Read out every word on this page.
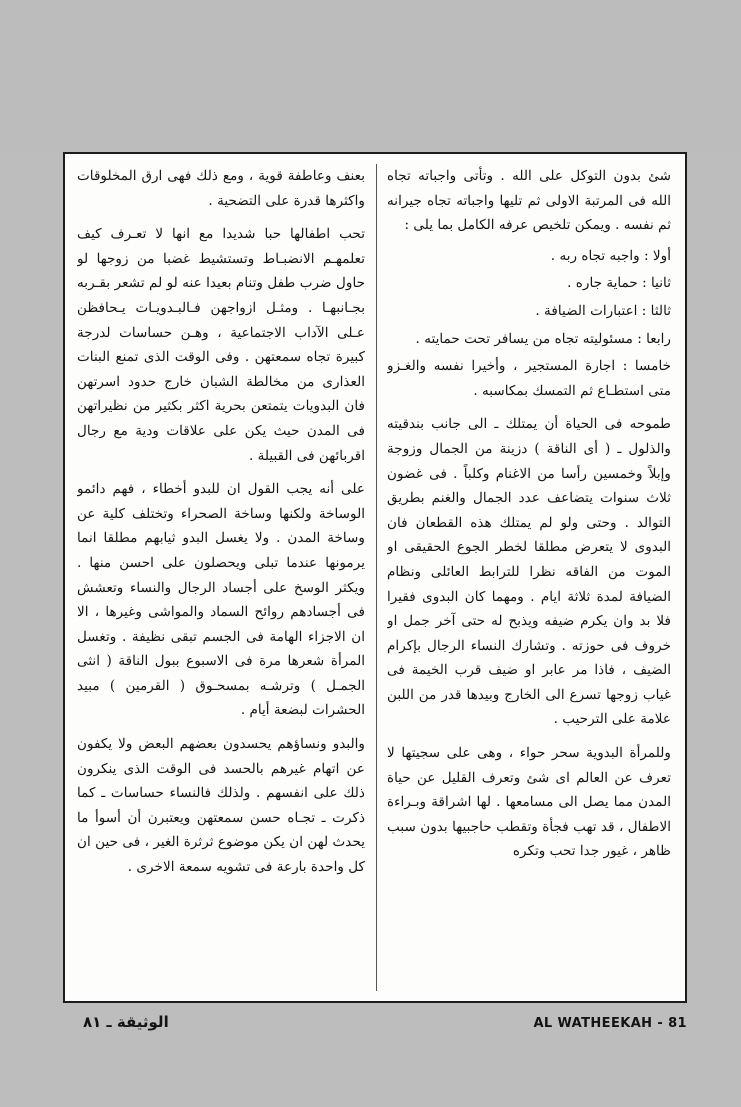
شئ بدون التوكل على الله . وتأتى واجباته تجاه الله فى المرتبة الاولى ثم تليها واجباته تجاه جيرانه ثم نفسه . ويمكن تلخيص عرفه الكامل بما يلى :

أولا : واجبه تجاه ربه .

ثانيا : حماية جاره .

ثالثا : اعتبارات الضيافة .

رابعا : مسئوليته تجاه من يسافر تحت حمايته .

خامسا : اجارة المستجير ، وأخيرا نفسه والغـزو متى استطـاع ثم التمسك بمكاسبه .

طموحه فى الحياة أن يمتلك ـ الى جانب بندقيته والذلول ـ ( أى الناقة ) دزينة من الجمال وزوجة وإبلاً وخمسين رأسا من الاغنام وكلباً . فى غضون ثلاث سنوات يتضاعف عدد الجمال والغنم بطريق التوالد . وحتى ولو لم يمتلك هذه القطعان فان البدوى لا يتعرض مطلقا لخطر الجوع الحقيقى او الموت من الفاقه نظرا للترابط العائلى ونظام الضيافة لمدة ثلاثة ايام . ومهما كان البدوى فقيرا فلا بد وان يكرم ضيفه ويذبح له حتى آخر جمل او خروف فى حوزته . وتشارك النساء الرجال بإكرام الضيف ، فاذا مر عابر او ضيف قرب الخيمة فى غياب زوجها تسرع الى الخارج وبيدها قدر من اللبن علامة على الترحيب .

وللمرأة البدوية سحر حواء ، وهى على سجيتها لا تعرف عن العالم اى شئ وتعرف القليل عن حياة المدن مما يصل الى مسامعها . لها اشراقة وبـراءة الاطفال ، قد تهب فجأة وتقطب حاجبيها بدون سبب ظاهر ، غيور جدا تحب وتكره

بعنف وعاطفة قوية ، ومع ذلك فهى ارق المخلوقات واكثرها قدرة على التضحية .

تحب اطفالها حبا شديدا مع انها لا تعـرف كيف تعلمهـم الانضبـاط وتستشيط غضبا من زوجها لو حاول ضرب طفل وتنام بعيدا عنه لو لم تشعر بقـربه بجـانبهـا . ومثـل ازواجهن فـالبـدويـات يـحافظن عـلى الآداب الاجتماعية ، وهـن حساسات لدرجة كبيرة تجاه سمعتهن . وفى الوقت الذى تمنع البنات العذارى من مخالطة الشبان خارج حدود اسرتهن فان البدويات يتمتعن بحرية اكثر بكثير من نظيراتهن فى المدن حيث يكن على علاقات ودية مع رجال اقربائهن فى القبيلة .

على أنه يجب القول ان للبدو أخطاء ، فهم دائمو الوساخة ولكنها وساخة الصحراء وتختلف كلية عن وساخة المدن . ولا يغسل البدو ثيابهم مطلقا انما يرمونها عندما تبلى ويحصلون على احسن منها . ويكثر الوسخ على أجساد الرجال والنساء وتعشش فى أجسادهم روائح السماد والمواشى وغيرها ، الا ان الاجزاء الهامة فى الجسم تبقى نظيفة . وتغسل المرأة شعرها مرة فى الاسبوع ببول الناقة ( انثى الجمـل ) وترشـه بمسحـوق ( القرمين ) مبيد الحشرات لبضعة أيام .

والبدو ونساؤهم يحسدون بعضهم البعض ولا يكفون عن اتهام غيرهم بالحسد فى الوقت الذى ينكرون ذلك على انفسهم . ولذلك فالنساء حساسات ـ كما ذكرت ـ تجـاه حسن سمعتهن ويعتبرن أن أسوأ ما يحدث لهن ان يكن موضوع ثرثرة الغير ، فى حين ان كل واحدة بارعة فى تشويه سمعة الاخرى .

الوثيقة ـ ٨١	AL WATHEEKAH - 81
